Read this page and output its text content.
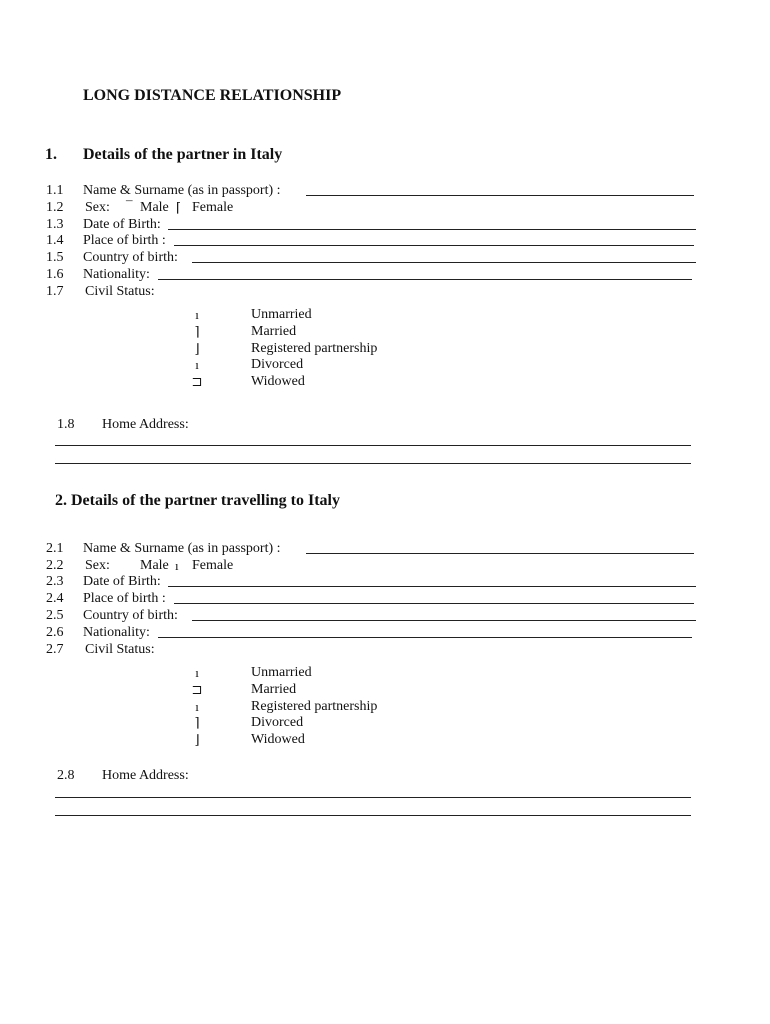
LONG DISTANCE RELATIONSHIP
1. Details of the partner in Italy
1.1	Name & Surname (as in passport) :
1.2	Sex: ¯ Male ⌈ Female
1.3	Date of Birth:
1.4	Place of birth :
1.5	Country of birth:
1.6	Nationality:
1.7	Civil Status:
ı	Unmarried
⌉	Married
⌋	Registered partnership
ı	Divorced
⊐	Widowed
1.8 Home Address:
2. Details of the partner travelling to Italy
2.1	Name & Surname (as in passport) :
2.2	Sex: Male ı Female
2.3	Date of Birth:
2.4	Place of birth :
2.5	Country of birth:
2.6	Nationality:
2.7	Civil Status:
ı	Unmarried
⊐	Married
ı	Registered partnership
⌉	Divorced
⌋	Widowed
2.8 Home Address:
